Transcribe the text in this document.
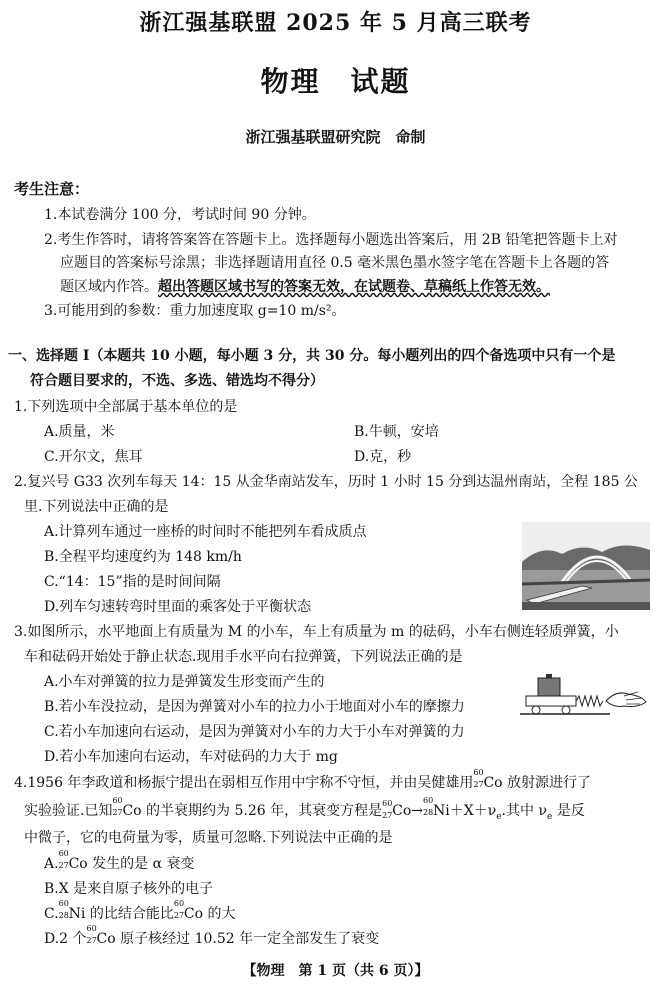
浙江强基联盟 2025 年 5 月高三联考
物理　试题
浙江强基联盟研究院　命制
考生注意：
1.本试卷满分 100 分，考试时间 90 分钟。
2.考生作答时，请将答案答在答题卡上。选择题每小题选出答案后，用 2B 铅笔把答题卡上对
应题目的答案标号涂黑；非选择题请用直径 0.5 毫米黑色墨水签字笔在答题卡上各题的答
题区域内作答。超出答题区域书写的答案无效，在试题卷、草稿纸上作答无效。
3.可能用到的参数：重力加速度取 g=10 m/s²。
一、选择题 Ⅰ（本题共 10 小题，每小题 3 分，共 30 分。每小题列出的四个备选项中只有一个是
符合题目要求的，不选、多选、错选均不得分）
1.下列选项中全部属于基本单位的是
A.质量，米	B.牛顿，安培
C.开尔文，焦耳	D.克，秒
2.复兴号 G33 次列车每天 14：15 从金华南站发车，历时 1 小时 15 分到达温州南站，全程 185 公
里.下列说法中正确的是
A.计算列车通过一座桥的时间时不能把列车看成质点
B.全程平均速度约为 148 km/h
C.“14：15”指的是时间间隔
D.列车匀速转弯时里面的乘客处于平衡状态
3.如图所示，水平地面上有质量为 M 的小车，车上有质量为 m 的砝码，小车右侧连轻质弹簧，小
车和砝码开始处于静止状态.现用手水平向右拉弹簧，下列说法正确的是
A.小车对弹簧的拉力是弹簧发生形变而产生的
B.若小车没拉动，是因为弹簧对小车的拉力小于地面对小车的摩擦力
C.若小车加速向右运动，是因为弹簧对小车的力大于小车对弹簧的力
D.若小车加速向右运动，车对砝码的力大于 mg
4.1956 年李政道和杨振宁提出在弱相互作用中宇称不守恒，并由吴健雄用
60
27 Co 放射源进行了
实验验证.已知
60
27 Co 的半衰期约为 5.26 年，其衰变方程是 60
27 Co→
60
28 $Ni+X+\nu_e$.其中 $\nu_e$ 是反
中微子，它的电荷量为零，质量可忽略.下列说法中正确的是
A.
60
27 Co 发生的是 α 衰变
B.X 是来自原子核外的电子
C.
60
28 Ni 的比结合能比
60
27 Co 的大
D.2 个
60
27 Co 原子核经过 10.52 年一定全部发生了衰变
【物理　第 1 页（共 6 页）】
